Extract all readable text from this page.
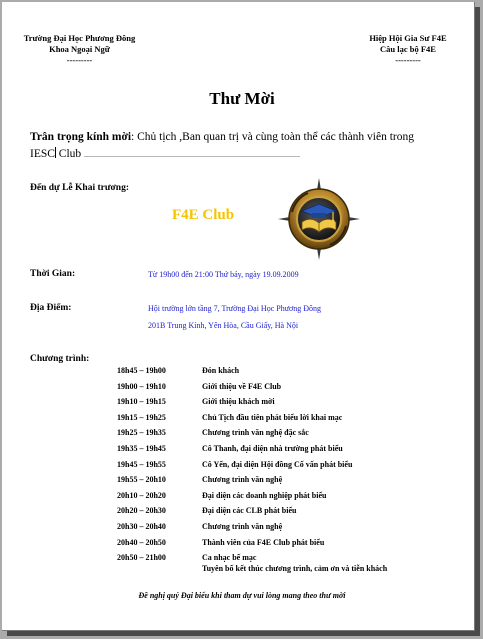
Trường Đại Học Phương Đông
Khoa Ngoại Ngữ
---------
Hiệp Hội Gia Sư F4E
Câu lạc bộ F4E
---------
Thư Mời
Trân trọng kính mời: Chủ tịch ,Ban quan trị và cùng toàn thể các thành viên trong
IESC Club ............................................................................................................
Đến dự Lễ Khai trương:
F4E Club
Thời Gian:	Từ 19h00 đến 21:00 Thứ bảy, ngày 19.09.2009
Địa Điểm:	Hội trường lớn tầng 7, Trường Đại Học Phương Đông
201B Trung Kính, Yên Hòa, Cầu Giấy, Hà Nội
Chương trình:
18h45 – 19h00	Đón khách
19h00 – 19h10	Giới thiệu về F4E Club
19h10 – 19h15	Giới thiệu khách mời
19h15 – 19h25	Chủ Tịch đầu tiên phát biểu lời khai mạc
19h25 – 19h35	Chương trình văn nghệ đặc sắc
19h35 – 19h45	Cô Thanh, đại diện nhà trường phát biểu
19h45 – 19h55	Cô Yến, đại diện Hội đồng Cố vấn phát biểu
19h55 – 20h10	Chương trình văn nghệ
20h10 – 20h20	Đại diện các doanh nghiệp phát biểu
20h20 – 20h30	Đại diện các CLB phát biểu
20h30 – 20h40	Chương trình văn nghệ
20h40 – 20h50	Thành viên của F4E Club phát biểu
20h50 – 21h00	Ca nhạc bế mạc
Tuyên bố kết thúc chương trình, cảm ơn và tiễn khách
Đề nghị quý Đại biểu khi tham dự vui lòng mang theo thư mời
